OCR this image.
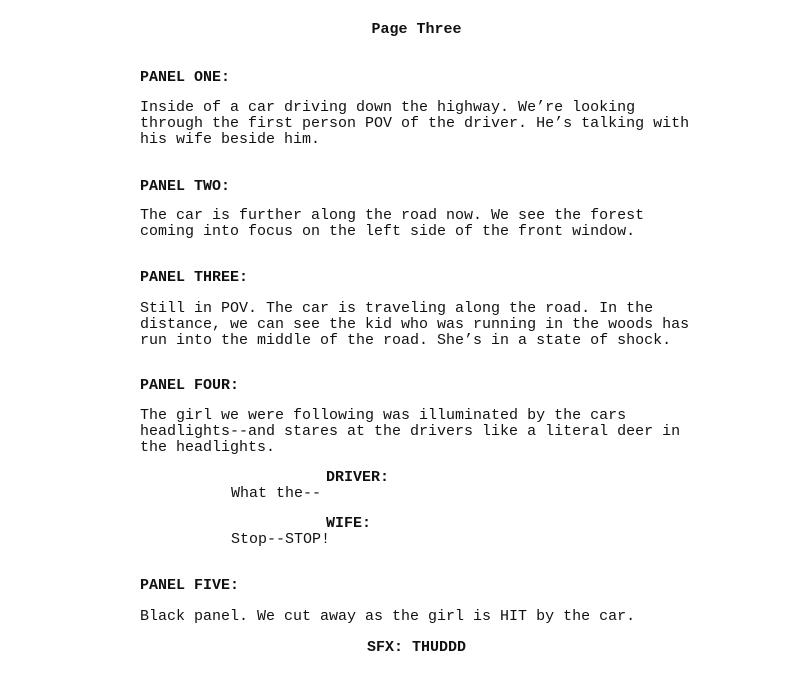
Page Three
PANEL ONE:
Inside of a car driving down the highway. We’re looking
through the first person POV of the driver. He’s talking with
his wife beside him.
PANEL TWO:
The car is further along the road now. We see the forest
coming into focus on the left side of the front window.
PANEL THREE:
Still in POV. The car is traveling along the road. In the
distance, we can see the kid who was running in the woods has
run into the middle of the road. She’s in a state of shock.
PANEL FOUR:
The girl we were following was illuminated by the cars
headlights--and stares at the drivers like a literal deer in
the headlights.
DRIVER:
What the--
WIFE:
Stop--STOP!
PANEL FIVE:
Black panel. We cut away as the girl is HIT by the car.
SFX: THUDDD
